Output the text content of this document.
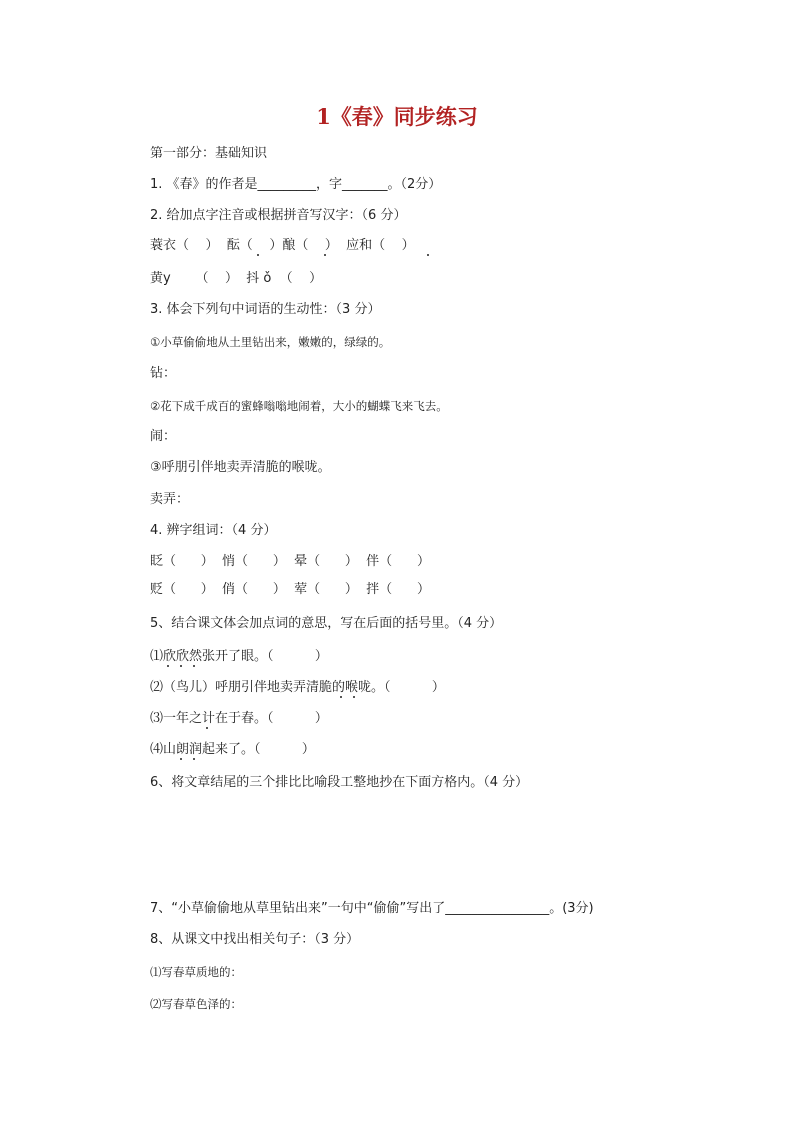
1《春》同步练习
第一部分：基础知识
1. 《春》的作者是_________，字_______。（2分）
2. 给加点字注音或根据拼音写汉字：（6 分）
蓑衣（    ）  酝（    ）酿（    ）  应和（    ）
黄y      （    ）  抖 ǒ  （    ）
3. 体会下列句中词语的生动性：（3 分）
①小草偷偷地从土里钻出来，嫩嫩的，绿绿的。
钻：
②花下成千成百的蜜蜂嗡嗡地闹着，大小的蝴蝶飞来飞去。
闹：
③呼朋引伴地卖弄清脆的喉咙。
卖弄：
4. 辨字组词：（4 分）
眨（      ）  悄（      ）  晕（      ）  伴（      ）
贬（      ）  俏（      ）  荤（      ）  拌（      ）
5、结合课文体会加点词的意思，写在后面的括号里。（4 分）
⑴欣欣然张开了眼。（          ）
⑵（鸟儿）呼朋引伴地卖弄清脆的喉咙。（          ）
⑶一年之计在于春。（          ）
⑷山朗润起来了。（          ）
6、将文章结尾的三个排比比喻段工整地抄在下面方格内。（4 分）
7、“小草偷偷地从草里钻出来”一句中“偷偷”写出了________________。(3分)
8、从课文中找出相关句子：（3 分）
⑴写春草质地的：
⑵写春草色泽的：
